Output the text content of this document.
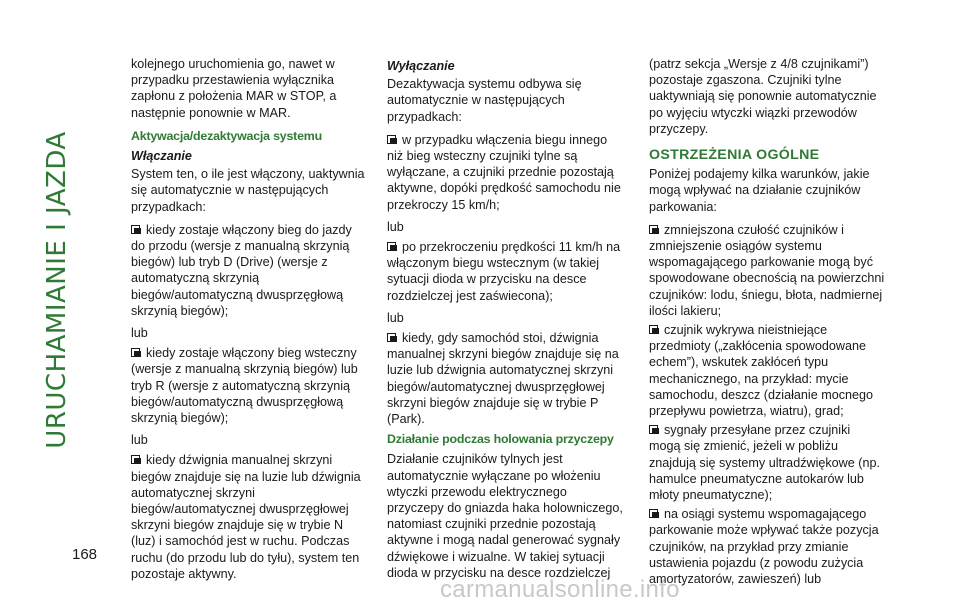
URUCHAMIANIE I JAZDA
168
carmanualsonline.info

kolejnego uruchomienia go, nawet w przypadku przestawienia wyłącznika zapłonu z położenia MAR w STOP, a następnie ponownie w MAR.

Aktywacja/dezaktywacja systemu
Włączanie

System ten, o ile jest włączony, uaktywnia się automatycznie w następujących przypadkach:

kiedy zostaje włączony bieg do jazdy do przodu (wersje z manualną skrzynią biegów) lub tryb D (Drive) (wersje z automatyczną skrzynią biegów/automatyczną dwusprzęgłową skrzynią biegów);
lub
kiedy zostaje włączony bieg wsteczny (wersje z manualną skrzynią biegów) lub tryb R (wersje z automatyczną skrzynią biegów/automatyczną dwusprzęgłową skrzynią biegów);
lub
kiedy dźwignia manualnej skrzyni biegów znajduje się na luzie lub dźwignia automatycznej skrzyni biegów/automatycznej dwusprzęgłowej skrzyni biegów znajduje się w trybie N (luz) i samochód jest w ruchu. Podczas ruchu (do przodu lub do tyłu), system ten pozostaje aktywny.
Wyłączanie

Dezaktywacja systemu odbywa się automatycznie w następujących przypadkach:

w przypadku włączenia biegu innego niż bieg wsteczny czujniki tylne są wyłączane, a czujniki przednie pozostają aktywne, dopóki prędkość samochodu nie przekroczy 15 km/h;
lub
po przekroczeniu prędkości 11 km/h na włączonym biegu wstecznym (w takiej sytuacji dioda w przycisku na desce rozdzielczej jest zaświecona);
lub
kiedy, gdy samochód stoi, dźwignia manualnej skrzyni biegów znajduje się na luzie lub dźwignia automatycznej skrzyni biegów/automatycznej dwusprzęgłowej skrzyni biegów znajduje się w trybie P (Park).
Działanie podczas holowania przyczepy

Działanie czujników tylnych jest automatycznie wyłączane po włożeniu wtyczki przewodu elektrycznego przyczepy do gniazda haka holowniczego, natomiast czujniki przednie pozostają aktywne i mogą nadal generować sygnały dźwiękowe i wizualne. W takiej sytuacji dioda w przycisku na desce rozdzielczej

(patrz sekcja „Wersje z 4/8 czujnikami”) pozostaje zgaszona. Czujniki tylne uaktywniają się ponownie automatycznie po wyjęciu wtyczki wiązki przewodów przyczepy.

OSTRZEŻENIA OGÓLNE

Poniżej podajemy kilka warunków, jakie mogą wpływać na działanie czujników parkowania:

zmniejszona czułość czujników i zmniejszenie osiągów systemu wspomagającego parkowanie mogą być spowodowane obecnością na powierzchni czujników: lodu, śniegu, błota, nadmiernej ilości lakieru;
czujnik wykrywa nieistniejące przedmioty („zakłócenia spowodowane echem”), wskutek zakłóceń typu mechanicznego, na przykład: mycie samochodu, deszcz (działanie mocnego przepływu powietrza, wiatru), grad;
sygnały przesyłane przez czujniki mogą się zmienić, jeżeli w pobliżu znajdują się systemy ultradźwiękowe (np. hamulce pneumatyczne autokarów lub młoty pneumatyczne);
na osiągi systemu wspomagającego parkowanie może wpływać także pozycja czujników, na przykład przy zmianie ustawienia pojazdu (z powodu zużycia amortyzatorów, zawieszeń) lub
